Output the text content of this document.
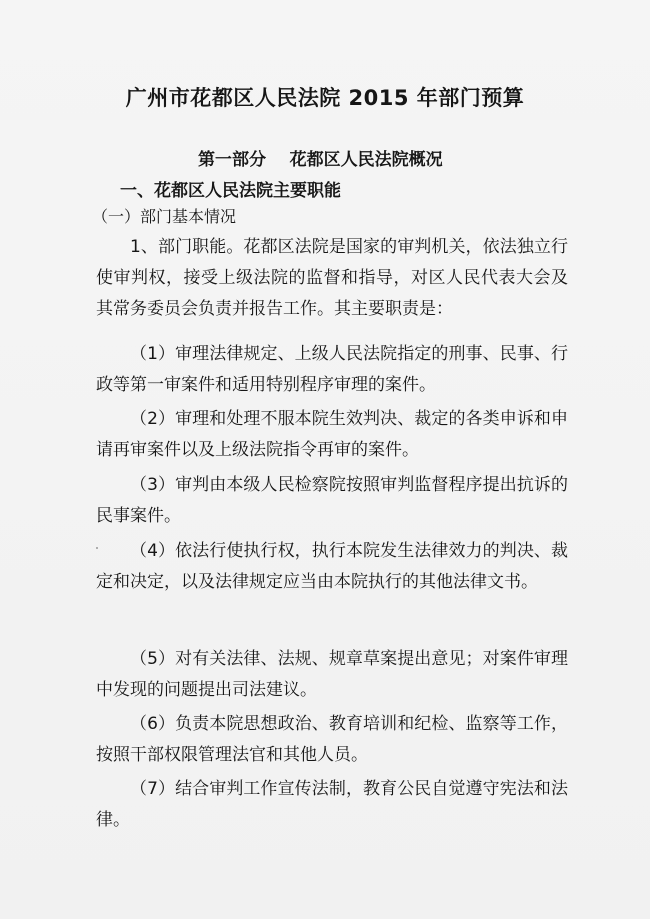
广州市花都区人民法院 2015 年部门预算
第一部分    花都区人民法院概况
一、花都区人民法院主要职能
（一）部门基本情况

1、部门职能。花都区法院是国家的审判机关，依法独立行使审判权，接受上级法院的监督和指导，对区人民代表大会及其常务委员会负责并报告工作。其主要职责是：

（1）审理法律规定、上级人民法院指定的刑事、民事、行政等第一审案件和适用特别程序审理的案件。

（2）审理和处理不服本院生效判决、裁定的各类申诉和申请再审案件以及上级法院指令再审的案件。

（3）审判由本级人民检察院按照审判监督程序提出抗诉的民事案件。

（4）依法行使执行权，执行本院发生法律效力的判决、裁定和决定，以及法律规定应当由本院执行的其他法律文书。

（5）对有关法律、法规、规章草案提出意见；对案件审理中发现的问题提出司法建议。

（6）负责本院思想政治、教育培训和纪检、监察等工作，按照干部权限管理法官和其他人员。

（7）结合审判工作宣传法制，教育公民自觉遵守宪法和法律。
